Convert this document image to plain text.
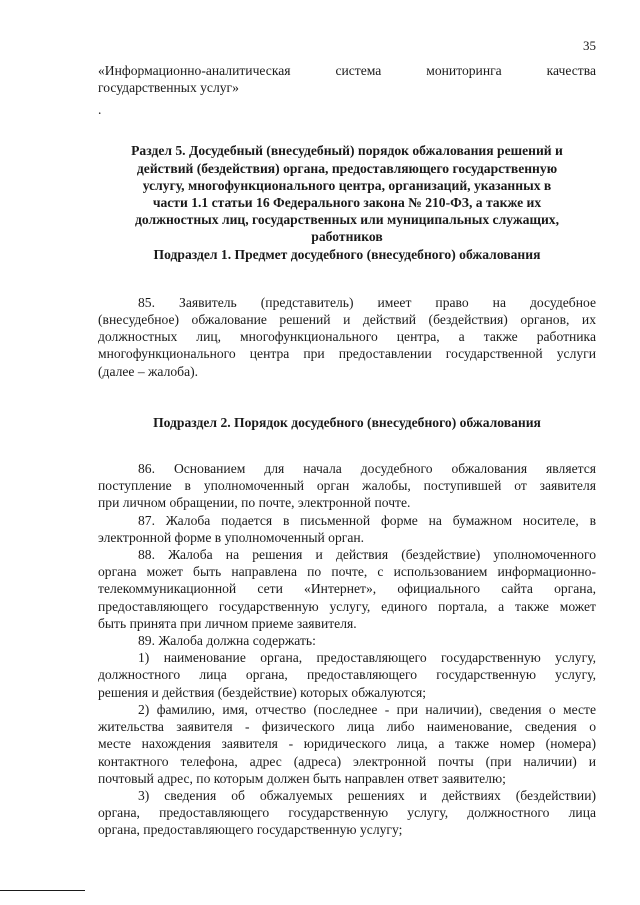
35

«Информационно-аналитическая система мониторинга качества

государственных услуг»

.

Раздел 5. Досудебный (внесудебный) порядок обжалования решений и
действий (бездействия) органа, предоставляющего государственную
услугу, многофункционального центра, организаций, указанных в
части 1.1 статьи 16 Федерального закона № 210-ФЗ, а также их
должностных лиц, государственных или муниципальных служащих,
работников

Подраздел 1. Предмет досудебного (внесудебного) обжалования

85. Заявитель (представитель) имеет право на досудебное

(внесудебное) обжалование решений и действий (бездействия) органов, их

должностных лиц, многофункционального центра, а также работника

многофункционального центра при предоставлении государственной услуги

(далее – жалоба).

Подраздел 2. Порядок досудебного (внесудебного) обжалования

86. Основанием для начала досудебного обжалования является

поступление в уполномоченный орган жалобы, поступившей от заявителя

при личном обращении, по почте, электронной почте.

87. Жалоба подается в письменной форме на бумажном носителе, в

электронной форме в уполномоченный орган.

88. Жалоба на решения и действия (бездействие) уполномоченного

органа может быть направлена по почте, с использованием информационно-

телекоммуникационной сети «Интернет», официального сайта органа,

предоставляющего государственную услугу, единого портала, а также может

быть принята при личном приеме заявителя.

89. Жалоба должна содержать:

1) наименование органа, предоставляющего государственную услугу,

должностного лица органа, предоставляющего государственную услугу,

решения и действия (бездействие) которых обжалуются;

2) фамилию, имя, отчество (последнее - при наличии), сведения о месте

жительства заявителя - физического лица либо наименование, сведения о

месте нахождения заявителя - юридического лица, а также номер (номера)

контактного телефона, адрес (адреса) электронной почты (при наличии) и

почтовый адрес, по которым должен быть направлен ответ заявителю;

3) сведения об обжалуемых решениях и действиях (бездействии)

органа, предоставляющего государственную услугу, должностного лица

органа, предоставляющего государственную услугу;
